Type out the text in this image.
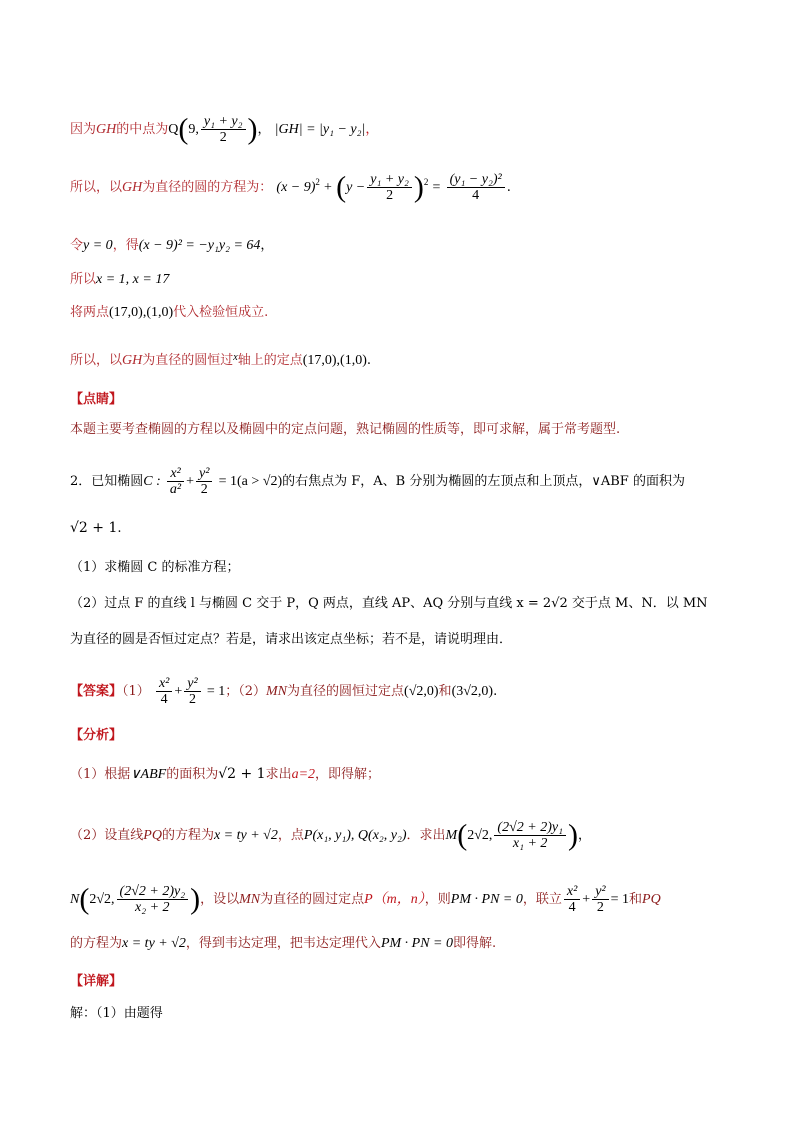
因为GH的中点为Q(9, $\frac{\text{y₁ + y₂}}{2}$ )， |GH| = |y₁ − y₂|，
所以，以GH为直径的圆的方程为： $(x - 9)^2 + (y - \frac{\text{y₁ + y₂}}{2} )^2 = \frac{\text{(y₁ − y₂)²}}{4}$ .
令y = 0，得(x − 9)² = −y₁y₂ = 64，
所以x = 1, x = 17
将两点(17,0),(1,0)代入检验恒成立.
所以，以GH为直径的圆恒过$^x$轴上的定点(17,0),(1,0).
【点睛】
本题主要考查椭圆的方程以及椭圆中的定点问题，熟记椭圆的性质等，即可求解，属于常考题型.
2．已知椭圆C : $\frac{\text{x²}}{\text{a²}} + \frac{\text{y²}}{2} = 1(a > √2)$的右焦点为 F，A、B 分别为椭圆的左顶点和上顶点，∨ABF 的面积为
√2 + 1.
（1）求椭圆 C 的标准方程；
（2）过点 F 的直线 l 与椭圆 C 交于 P，Q 两点，直线 AP、AQ 分别与直线 x = 2√2 交于点 M、N．以 MN
为直径的圆是否恒过定点？若是，请求出该定点坐标；若不是，请说明理由．
【答案】$(1) \frac{\text{x²}}{4} + \frac{\text{y²}}{2} = 1$；（2）MN为直径的圆恒过定点(√2,0)和(3√2,0).
【分析】
（1）根据∨ABF的面积为√2 + 1求出a=2，即得解；
（2）设直线PQ的方程为x = ty + √2，点P(x₁, y₁), Q(x₂, y₂)．求出M(2√2, $\frac{\text{(2√2 + 2)y₁}}{\text{x₁ + 2}}$ )，
N(2√2, $\frac{\text{(2√2 + 2)y₂}}{\text{x₂ + 2}}$ )，设以MN为直径的圆过定点P（m，n），则PM · PN = 0，联立 $\frac{\text{x²}}{4} + \frac{\text{y²}}{2} = 1$和PQ
的方程为x = ty + √2，得到韦达定理，把韦达定理代入PM · PN = 0即得解.
【详解】
解：（1）由题得
